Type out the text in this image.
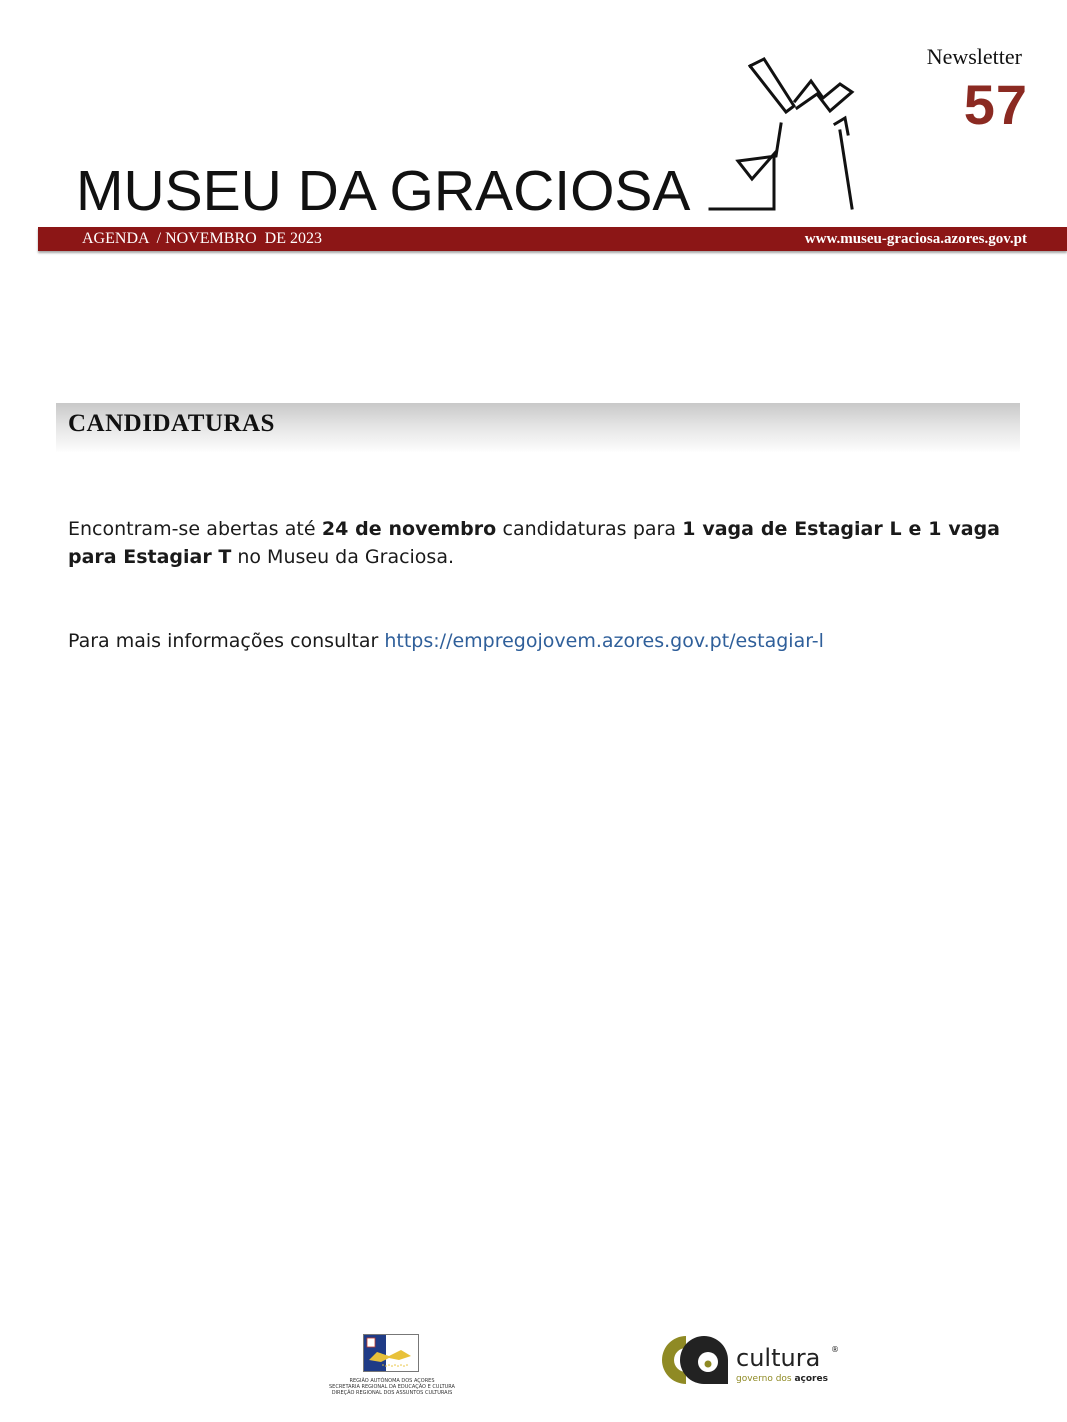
Newsletter
57
MUSEU DA GRACIOSA
AGENDA  / NOVEMBRO  DE 2023	www.museu-graciosa.azores.gov.pt
CANDIDATURAS
Encontram-se abertas até 24 de novembro candidaturas para 1 vaga de Estagiar L e 1 vaga para Estagiar T no Museu da Graciosa.
Para mais informações consultar https://empregojovem.azores.gov.pt/estagiar-l
REGIÃO AUTÓNOMA DOS AÇORES
SECRETARIA REGIONAL DA EDUCAÇÃO E CULTURA
DIREÇÃO REGIONAL DOS ASSUNTOS CULTURAIS
cultura ®
governo dos açores
